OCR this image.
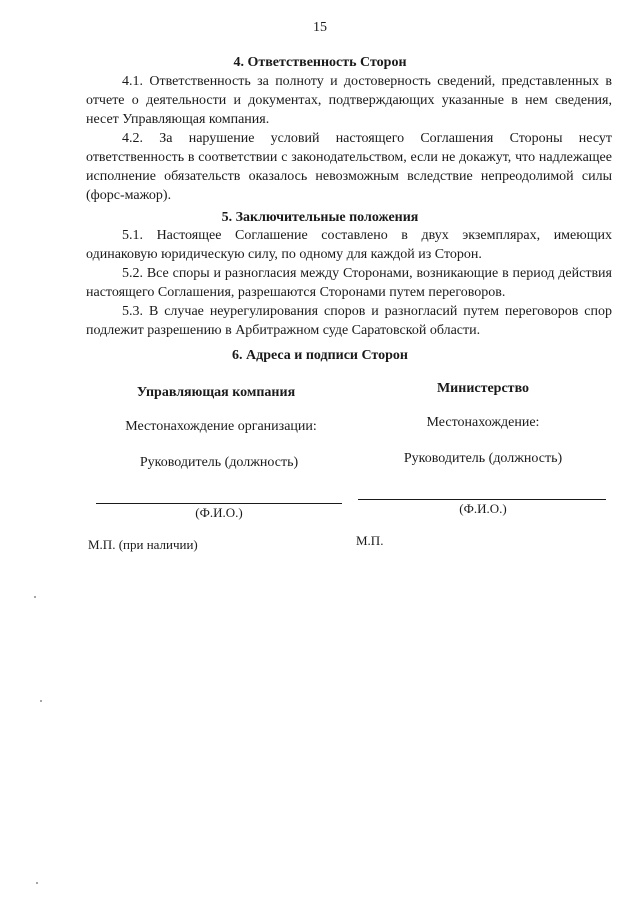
15
4. Ответственность Сторон
4.1. Ответственность за полноту и достоверность сведений, представленных в отчете о деятельности и документах, подтверждающих указанные в нем сведения, несет Управляющая компания.
4.2. За нарушение условий настоящего Соглашения Стороны несут ответственность в соответствии с законодательством, если не докажут, что надлежащее исполнение обязательств оказалось невозможным вследствие непреодолимой силы (форс-мажор).
5. Заключительные положения
5.1. Настоящее Соглашение составлено в двух экземплярах, имеющих одинаковую юридическую силу, по одному для каждой из Сторон.
5.2. Все споры и разногласия между Сторонами, возникающие в период действия настоящего Соглашения, разрешаются Сторонами путем переговоров.
5.3. В случае неурегулирования споров и разногласий путем переговоров спор подлежит разрешению в Арбитражном суде Саратовской области.
6. Адреса и подписи Сторон
Управляющая компания
Местонахождение организации:
Руководитель (должность)
(Ф.И.О.)
М.П. (при наличии)
Министерство
Местонахождение:
Руководитель (должность)
(Ф.И.О.)
М.П.
